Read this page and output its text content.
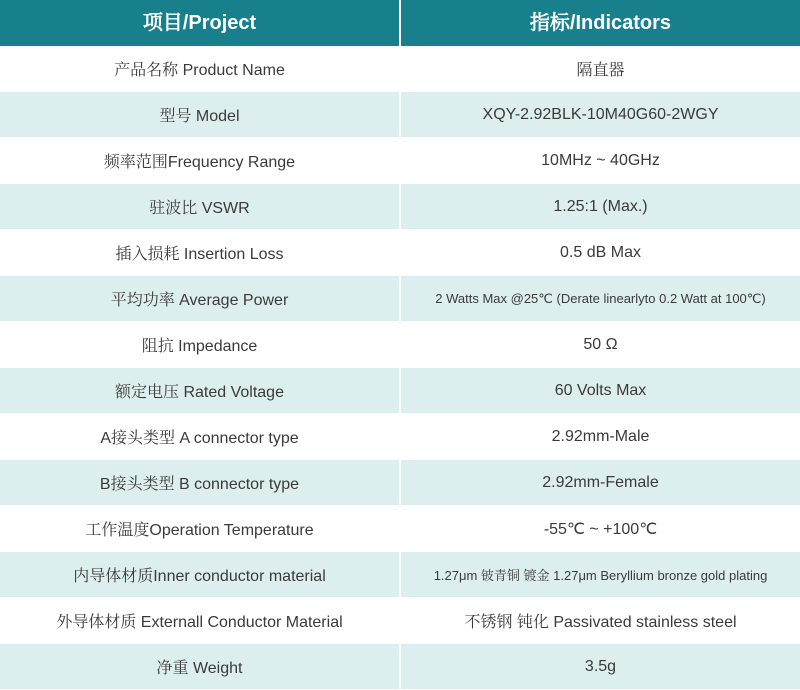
项目/Project	指标/Indicators
产品名称 Product Name	隔直器
型号 Model	XQY-2.92BLK-10M40G60-2WGY
频率范围Frequency Range	10MHz ~ 40GHz
驻波比 VSWR	1.25:1 (Max.)
插入损耗 Insertion Loss	0.5 dB Max
平均功率 Average Power	2 Watts Max @25℃ (Derate linearlyto 0.2 Watt at 100℃)
阻抗 Impedance	50 Ω
额定电压 Rated Voltage	60 Volts Max
A接头类型 A connector type	2.92mm-Male
B接头类型 B connector type	2.92mm-Female
工作温度Operation Temperature	-55℃ ~ +100℃
内导体材质Inner conductor material	1.27μm 铍青铜 镀金 1.27μm Beryllium bronze gold plating
外导体材质 Externall Conductor Material	不锈钢 钝化 Passivated stainless steel
净重 Weight	3.5g
